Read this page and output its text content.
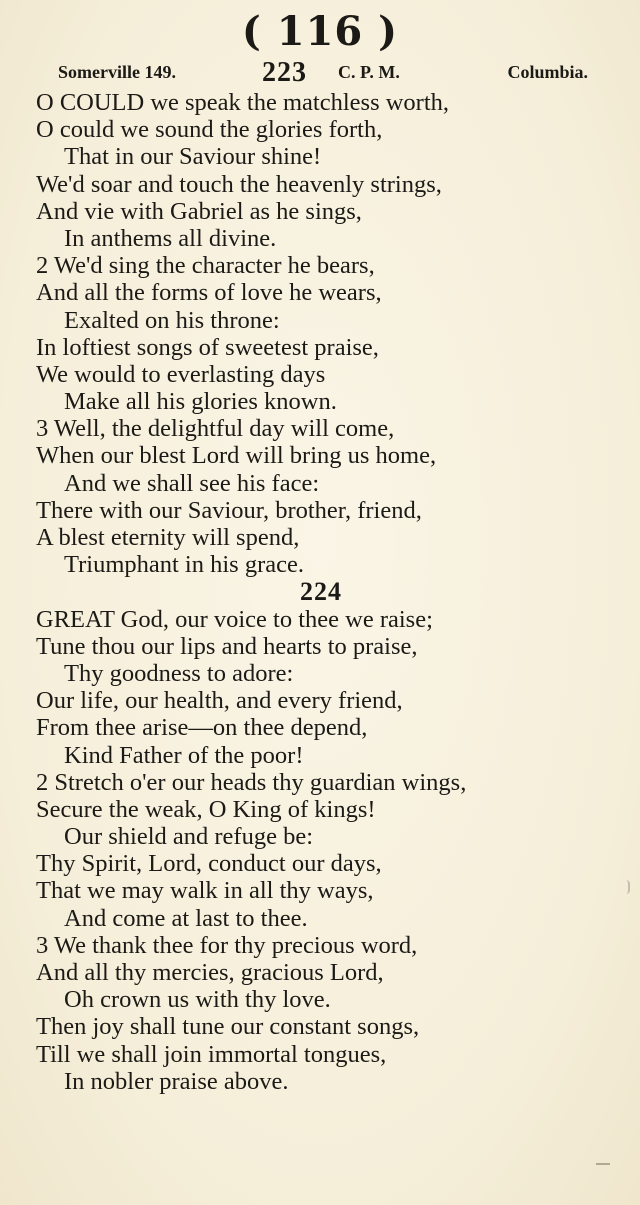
( 116 )
Somerville 149.	223 C. P. M.	Columbia.
O COULD we speak the matchless worth,
O could we sound the glories forth,
That in our Saviour shine!
We'd soar and touch the heavenly strings,
And vie with Gabriel as he sings,
In anthems all divine.
2 We'd sing the character he bears,
And all the forms of love he wears,
Exalted on his throne:
In loftiest songs of sweetest praise,
We would to everlasting days
Make all his glories known.
3 Well, the delightful day will come,
When our blest Lord will bring us home,
And we shall see his face:
There with our Saviour, brother, friend,
A blest eternity will spend,
Triumphant in his grace.
224
GREAT God, our voice to thee we raise;
Tune thou our lips and hearts to praise,
Thy goodness to adore:
Our life, our health, and every friend,
From thee arise—on thee depend,
Kind Father of the poor!
2 Stretch o'er our heads thy guardian wings,
Secure the weak, O King of kings!
Our shield and refuge be:
Thy Spirit, Lord, conduct our days,
That we may walk in all thy ways,
And come at last to thee.
3 We thank thee for thy precious word,
And all thy mercies, gracious Lord,
Oh crown us with thy love.
Then joy shall tune our constant songs,
Till we shall join immortal tongues,
In nobler praise above.
